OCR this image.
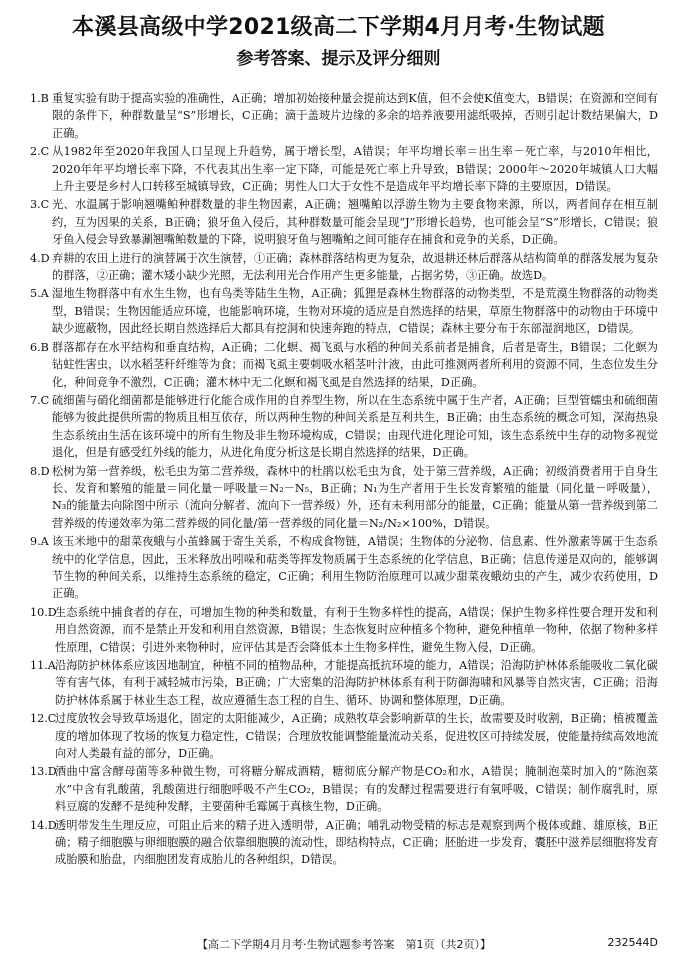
本溪县高级中学2021级高二下学期4月月考·生物试题
参考答案、提示及评分细则
1.B 重复实验有助于提高实验的准确性，A正确；增加初始接种量会提前达到K值，但不会使K值变大，B错误；在资源和空间有限的条件下，种群数量呈“S”形增长，C正确；滴于盖玻片边缘的多余的培养液要用滤纸吸掉，否则引起计数结果偏大，D正确。
2.C 从1982年至2020年我国人口呈现上升趋势，属于增长型，A错误；年平均增长率＝出生率－死亡率，与2010年相比，2020年年平均增长率下降，不代表其出生率一定下降，可能是死亡率上升导致，B错误；2000年～2020年城镇人口大幅上升主要是乡村人口转移至城镇导致，C正确；男性人口大于女性不是造成年平均增长率下降的主要原因，D错误。
3.C 光、水温属于影响翘嘴鲌种群数量的非生物因素，A正确；翘嘴鲌以浮游生物为主要食物来源，所以，两者间存在相互制约，互为因果的关系，B正确；狼牙鱼入侵后，其种群数量可能会呈现“J”形增长趋势，也可能会呈“S”形增长，C错误；狼牙鱼入侵会导致暴涮翘嘴鲌数量的下降，说明狼牙鱼与翘嘴鲌之间可能存在捕食和竞争的关系，D正确。
4.D 弃耕的农田上进行的演替属于次生演替，①正确；森林群落结构更为复杂，故退耕还林后群落从结构简单的群落发展为复杂的群落，②正确；灌木矮小缺少光照，无法利用光合作用产生更多能量，占据劣势，③正确。故选D。
5.A 湿地生物群落中有水生生物，也有鸟类等陆生生物，A正确；狐狸是森林生物群落的动物类型，不是荒漠生物群落的动物类型，B错误；生物因能适应环境，也能影响环境，生物对环境的适应是自然选择的结果，草原生物群落中的动物由于环境中缺少遮蔽物，因此经长期自然选择后大都具有挖洞和快速奔跑的特点，C错误；森林主要分布于东部湿润地区，D错误。
6.B 群落都存在水平结构和垂直结构，A正确；二化螟、褐飞虱与水稻的种间关系前者是捕食，后者是寄生，B错误；二化螟为钻蛀性害虫，以水稻茎秆纤维等为食；而褐飞虱主要刺吸水稻茎叶汁液，由此可推测两者所利用的资源不同，生态位发生分化，种间竞争不激烈，C正确；灌木林中无二化螟和褐飞虱是自然选择的结果，D正确。
7.C 硫细菌与硝化细菌都是能够进行化能合成作用的自养型生物，所以在生态系统中属于生产者，A正确；巨型管蠕虫和硫细菌能够为彼此提供所需的物质且相互依存，所以两种生物的种间关系是互利共生，B正确；由生态系统的概念可知，深海热泉生态系统由生活在该环境中的所有生物及非生物环境构成，C错误；由现代进化理论可知，该生态系统中生存的动物多视觉退化，但是有感受红外线的能力，从进化角度分析这是长期自然选择的结果，D正确。
8.D 松树为第一营养级，松毛虫为第二营养级，森林中的杜鹃以松毛虫为食，处于第三营养级，A正确；初级消费者用于自身生长、发育和繁殖的能量＝同化量－呼吸量＝N₂－N₅，B正确；N₁为生产者用于生长发育繁殖的能量（同化量－呼吸量），N₃的能量去向除图中所示（流向分解者、流向下一营养级）外，还有未利用部分的能量，C正确；能量从第一营养级到第二营养级的传递效率为第二营养级的同化量/第一营养级的同化量＝N₂/N₂×100%，D错误。
9.A 该玉米地中的甜菜夜蛾与小茧蜂属于寄生关系，不构成食物链，A错误；生物体的分泌物、信息素、性外激素等属于生态系统中的化学信息，因此，玉米释放出吲哚和萜类等挥发物质属于生态系统的化学信息，B正确；信息传递是双向的，能够调节生物的种间关系，以维持生态系统的稳定，C正确；利用生物防治原理可以减少甜菜夜蛾幼虫的产生，减少农药使用，D正确。
10.D
生态系统中捕食者的存在，可增加生物的种类和数量，有利于生物多样性的提高，A错误；保护生物多样性要合理开发和利用自然资源，而不是禁止开发和利用自然资源，B错误；生态恢复时应种植多个物种，避免种植单一物种，依据了物种多样性原理，C错误；引进外来物种时，应评估其是否会降低本土生物多样性，避免生物入侵，D正确。
11.A 沿海防护林体系应该因地制宜，种植不同的植物品种，才能提高抵抗环境的能力，A错误；沿海防护林体系能吸收二氧化碳等有害气体，有利于减轻城市污染，B正确；广大密集的沿海防护林体系有利于防御海啸和风暴等自然灾害，C正确；沿海防护林体系属于林业生态工程，故应遵循生态工程的自生、循环、协调和整体原理，D正确。
12.C
过度放牧会导致草场退化，固定的太阳能减少，A正确；成熟牧草会影响新草的生长，故需要及时收割，B正确；植被覆盖度的增加体现了牧场的恢复力稳定性，C错误；合理放牧能调整能量流动关系，促进牧区可持续发展，使能量持续高效地流向对人类最有益的部分，D正确。
13.D
酒曲中富含酵母菌等多种微生物，可将糖分解成酒精，糖彻底分解产物是CO₂和水，A错误；腌制泡菜时加入的“陈泡菜水”中含有乳酸菌，乳酸菌进行细胞呼吸不产生CO₂，B错误；有的发酵过程需要进行有氧呼吸，C错误；制作腐乳时，原料豆腐的发酵不是纯种发酵，主要菌种毛霉属于真核生物，D正确。
14.D
透明带发生生理反应，可阻止后来的精子进入透明带，A正确；哺乳动物受精的标志是观察到两个极体或雌、雄原核，B正确；精子细胞膜与卵细胞膜的融合依靠细胞膜的流动性，即结构特点，C正确；胚胎进一步发育，囊胚中滋养层细胞将发育成胎膜和胎盘，内细胞团发育成胎儿的各种组织，D错误。
【高二下学期4月月考·生物试题参考答案　第1页（共2页）】	232544D
